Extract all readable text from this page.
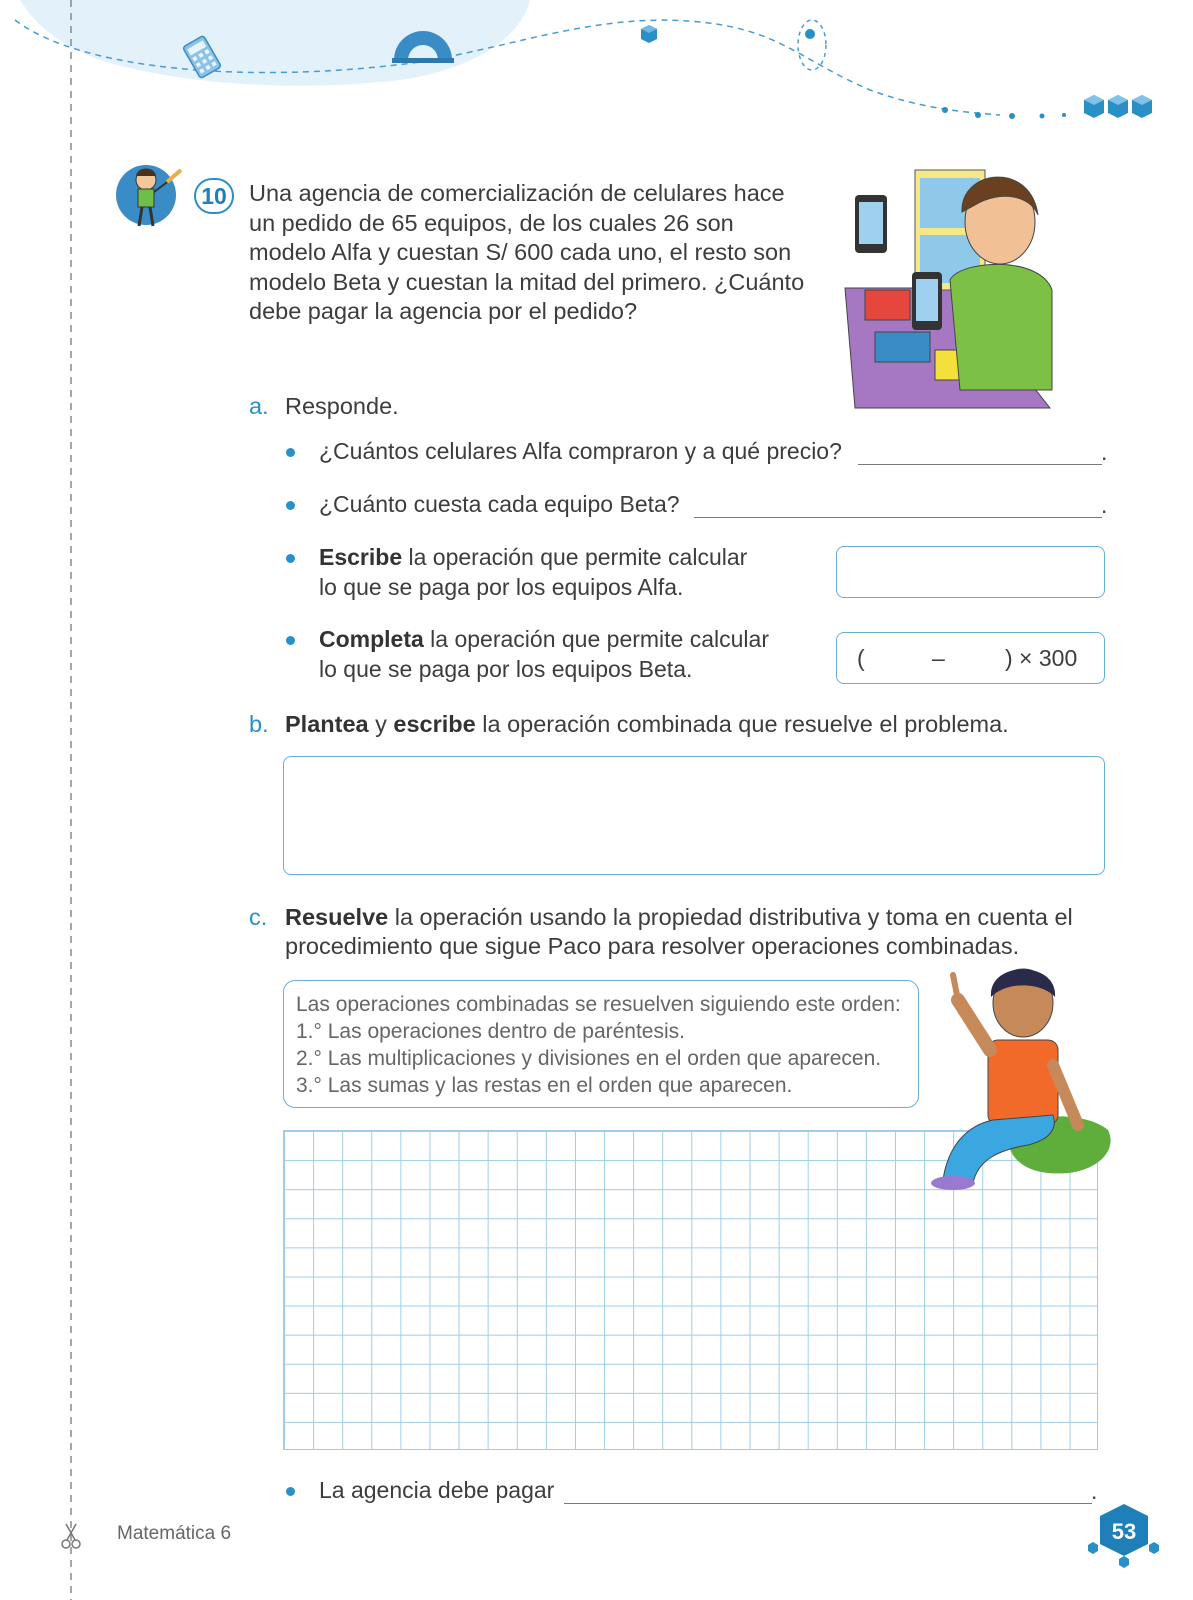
10 Una agencia de comercialización de celulares hace un pedido de 65 equipos, de los cuales 26 son modelo Alfa y cuestan S/ 600 cada uno, el resto son modelo Beta y cuestan la mitad del primero. ¿Cuánto debe pagar la agencia por el pedido?
a. Responde.
¿Cuántos celulares Alfa compraron y a qué precio?	.
¿Cuánto cuesta cada equipo Beta?	.
Escribe la operación que permite calcular
lo que se paga por los equipos Alfa.
Completa la operación que permite calcular
lo que se paga por los equipos Beta.	(	–	) × 300
b. Plantea y escribe la operación combinada que resuelve el problema.
c. Resuelve la operación usando la propiedad distributiva y toma en cuenta el
procedimiento que sigue Paco para resolver operaciones combinadas.
Las operaciones combinadas se resuelven siguiendo este orden:
1.° Las operaciones dentro de paréntesis.
2.° Las multiplicaciones y divisiones en el orden que aparecen.
3.° Las sumas y las restas en el orden que aparecen.
La agencia debe pagar	.
Matemática 6	53
